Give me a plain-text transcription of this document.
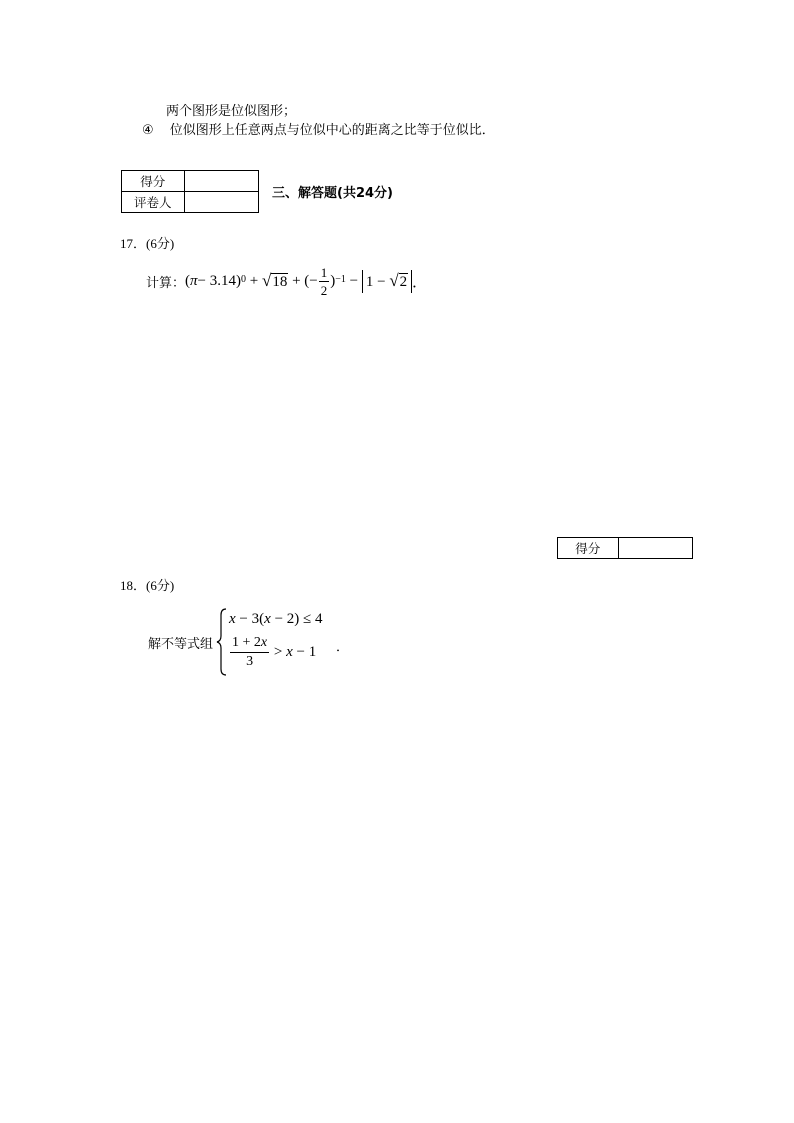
两个图形是位似图形；
④ 位似图形上任意两点与位似中心的距离之比等于位似比．
得分	
评卷人	
三、解答题(共24分)
17．(6分)
计算： ( π − 3.14)$^0$ + √18 + (− $\frac{1}{2} )^{-1} - 1 - √2$ ．
得分	
18．(6分)
解不等式组
x − 3(x − 2) ≤ 4
$\frac{1 + 2x}{3} > x - 1$ ．
